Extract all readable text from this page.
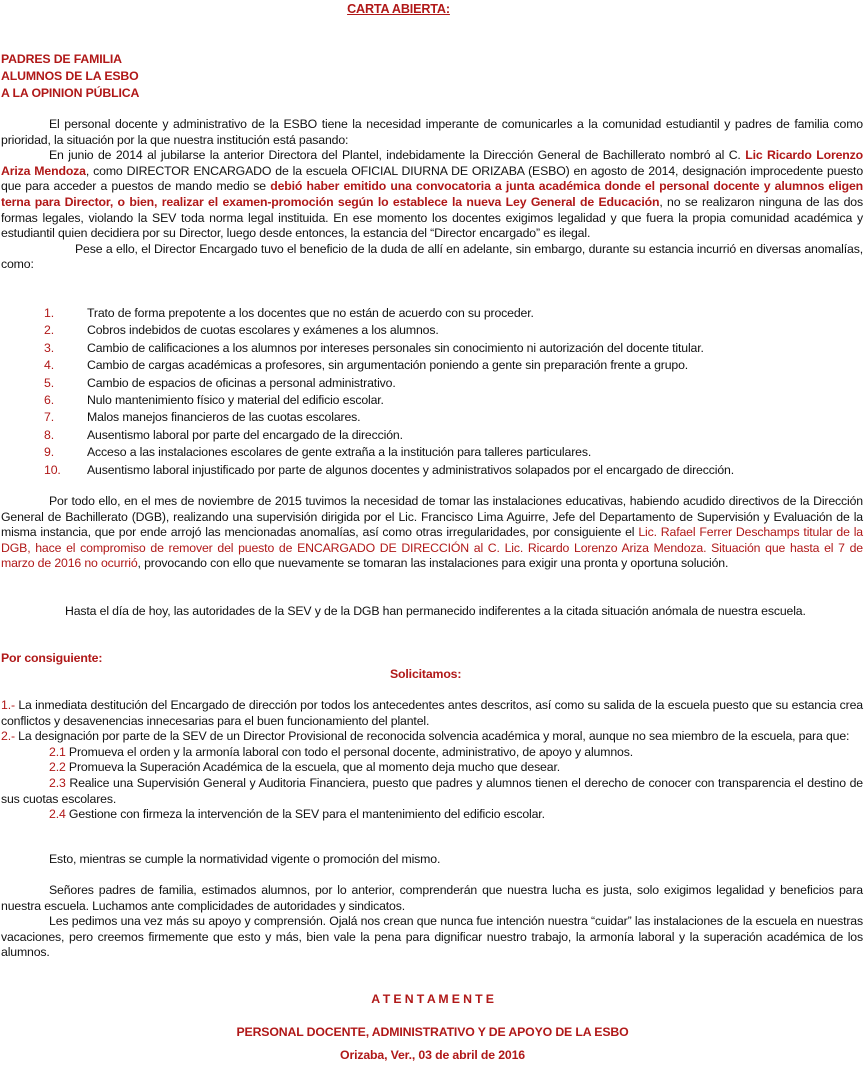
CARTA ABIERTA:
PADRES DE FAMILIA
ALUMNOS DE LA ESBO
A LA OPINION PÚBLICA

El personal docente y administrativo de la ESBO tiene la necesidad imperante de comunicarles a la comunidad estudiantil y padres de familia como prioridad, la situación por la que nuestra institución está pasando:

En junio de 2014 al jubilarse la anterior Directora del Plantel, indebidamente la Dirección General de Bachillerato nombró al C. Lic Ricardo Lorenzo Ariza Mendoza, como DIRECTOR ENCARGADO de la escuela OFICIAL DIURNA DE ORIZABA (ESBO) en agosto de 2014, designación improcedente puesto que para acceder a puestos de mando medio se debió haber emitido una convocatoria a junta académica donde el personal docente y alumnos eligen terna para Director, o bien, realizar el examen-promoción según lo establece la nueva Ley General de Educación, no se realizaron ninguna de las dos formas legales, violando la SEV toda norma legal instituida. En ese momento los docentes exigimos legalidad y que fuera la propia comunidad académica y estudiantil quien decidiera por su Director, luego desde entonces, la estancia del “Director encargado” es ilegal.

Pese a ello, el Director Encargado tuvo el beneficio de la duda de allí en adelante, sin embargo, durante su estancia incurrió en diversas anomalías, como:

1.	Trato de forma prepotente a los docentes que no están de acuerdo con su proceder.
2.	Cobros indebidos de cuotas escolares y exámenes a los alumnos.
3.	Cambio de calificaciones a los alumnos por intereses personales sin conocimiento ni autorización del docente titular.
4.	Cambio de cargas académicas a profesores, sin argumentación poniendo a gente sin preparación frente a grupo.
5.	Cambio de espacios de oficinas a personal administrativo.
6.	Nulo mantenimiento físico y material del edificio escolar.
7.	Malos manejos financieros de las cuotas escolares.
8.	Ausentismo laboral por parte del encargado de la dirección.
9.	Acceso a las instalaciones escolares de gente extraña a la institución para talleres particulares.
10. Ausentismo laboral injustificado por parte de algunos docentes y administrativos solapados por el encargado de dirección.

Por todo ello, en el mes de noviembre de 2015 tuvimos la necesidad de tomar las instalaciones educativas, habiendo acudido directivos de la Dirección General de Bachillerato (DGB), realizando una supervisión dirigida por el Lic. Francisco Lima Aguirre, Jefe del Departamento de Supervisión y Evaluación de la misma instancia, que por ende arrojó las mencionadas anomalías, así como otras irregularidades, por consiguiente el Lic. Rafael Ferrer Deschamps titular de la DGB, hace el compromiso de remover del puesto de ENCARGADO DE DIRECCIÓN al C. Lic. Ricardo Lorenzo Ariza Mendoza. Situación que hasta el 7 de marzo de 2016 no ocurrió, provocando con ello que nuevamente se tomaran las instalaciones para exigir una pronta y oportuna solución.

Hasta el día de hoy, las autoridades de la SEV y de la DGB han permanecido indiferentes a la citada situación anómala de nuestra escuela.

Por consiguiente:
Solicitamos:

1.- La inmediata destitución del Encargado de dirección por todos los antecedentes antes descritos, así como su salida de la escuela puesto que su estancia crea conflictos y desavenencias innecesarias para el buen funcionamiento del plantel.

2.- La designación por parte de la SEV de un Director Provisional de reconocida solvencia académica y moral, aunque no sea miembro de la escuela, para que:

2.1 Promueva el orden y la armonía laboral con todo el personal docente, administrativo, de apoyo y alumnos.

2.2 Promueva la Superación Académica de la escuela, que al momento deja mucho que desear.

2.3 Realice una Supervisión General y Auditoria Financiera, puesto que padres y alumnos tienen el derecho de conocer con transparencia el destino de sus cuotas escolares.

2.4 Gestione con firmeza la intervención de la SEV para el mantenimiento del edificio escolar.

Esto, mientras se cumple la normatividad vigente o promoción del mismo.

Señores padres de familia, estimados alumnos, por lo anterior, comprenderán que nuestra lucha es justa, solo exigimos legalidad y beneficios para nuestra escuela. Luchamos ante complicidades de autoridades y sindicatos.

Les pedimos una vez más su apoyo y comprensión. Ojalá nos crean que nunca fue intención nuestra “cuidar” las instalaciones de la escuela en nuestras vacaciones, pero creemos firmemente que esto y más, bien vale la pena para dignificar nuestro trabajo, la armonía laboral y la superación académica de los alumnos.

A T E N T A M E N T E
PERSONAL DOCENTE, ADMINISTRATIVO Y DE APOYO DE LA ESBO
Orizaba, Ver., 03 de abril de 2016
